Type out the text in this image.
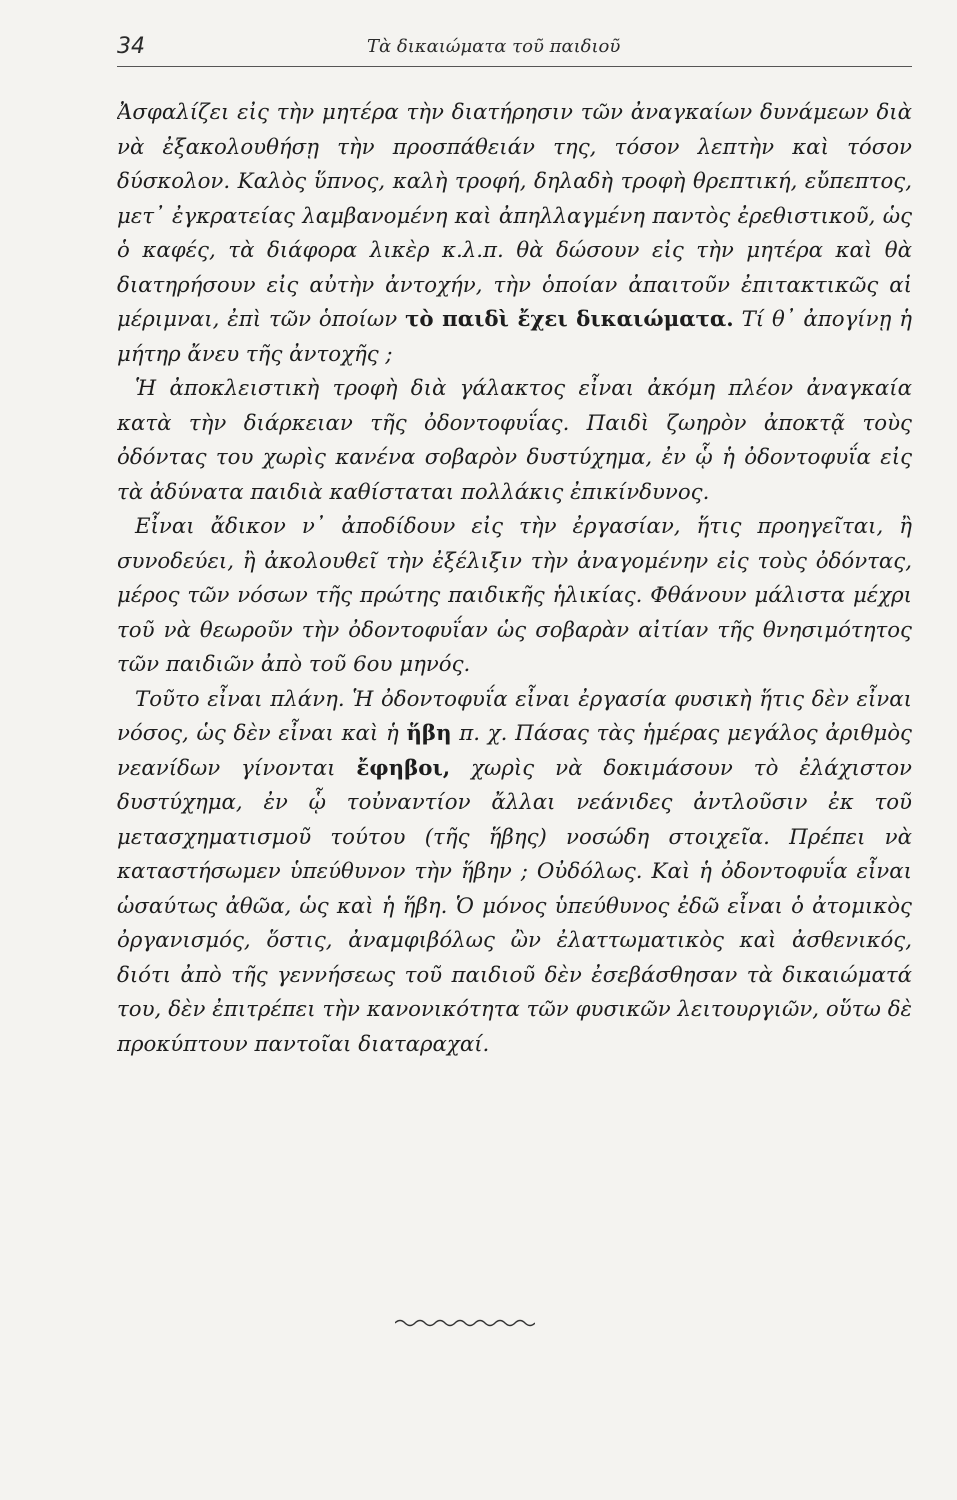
34	Τὰ δικαιώματα τοῦ παιδιοῦ

Ἀσφαλίζει εἰς τὴν μητέρα τὴν διατήρησιν τῶν ἀναγκαίων δυνάμεων διὰ νὰ ἐξακολουθήσῃ τὴν προσπάθειάν της, τόσον λεπτὴν καὶ τόσον δύσκολον. Καλὸς ὕπνος, καλὴ τροφή, δηλαδὴ τροφὴ θρεπτική, εὔπεπτος, μετ᾽ ἐγκρατείας λαμβανομένη καὶ ἀπηλλαγμένη παντὸς ἐρεθιστικοῦ, ὡς ὁ καφές, τὰ διάφορα λικὲρ κ.λ.π. θὰ δώσουν εἰς τὴν μητέρα καὶ θὰ διατηρήσουν εἰς αὐτὴν ἀντοχήν, τὴν ὁποίαν ἀπαιτοῦν ἐπιτακτικῶς αἱ μέριμναι, ἐπὶ τῶν ὁποίων τὸ παιδὶ ἔχει δικαιώματα. Τί θ᾽ ἀπογίνῃ ἡ μήτηρ ἄνευ τῆς ἀντοχῆς ;

Ἡ ἀποκλειστικὴ τροφὴ διὰ γάλακτος εἶναι ἀκόμη πλέον ἀναγκαία κατὰ τὴν διάρκειαν τῆς ὀδοντοφυΐας. Παιδὶ ζωηρὸν ἀποκτᾷ τοὺς ὀδόντας του χωρὶς κανένα σοβαρὸν δυστύχημα, ἐν ᾧ ἡ ὀδοντοφυΐα εἰς τὰ ἀδύνατα παιδιὰ καθίσταται πολλάκις ἐπικίνδυνος.

Εἶναι ἄδικον ν᾽ ἀποδίδουν εἰς τὴν ἐργασίαν, ἥτις προηγεῖται, ἢ συνοδεύει, ἢ ἀκολουθεῖ τὴν ἐξέλιξιν τὴν ἀναγομένην εἰς τοὺς ὀδόντας, μέρος τῶν νόσων τῆς πρώτης παιδικῆς ἡλικίας. Φθάνουν μάλιστα μέχρι τοῦ νὰ θεωροῦν τὴν ὀδοντοφυΐαν ὡς σοβαρὰν αἰτίαν τῆς θνησιμότητος τῶν παιδιῶν ἀπὸ τοῦ 6ου μηνός.

Τοῦτο εἶναι πλάνη. Ἡ ὀδοντοφυΐα εἶναι ἐργασία φυσικὴ ἥτις δὲν εἶναι νόσος, ὡς δὲν εἶναι καὶ ἡ ἥβη π. χ. Πάσας τὰς ἡμέρας μεγάλος ἀριθμὸς νεανίδων γίνονται ἔφηβοι, χωρὶς νὰ δοκιμάσουν τὸ ἐλάχιστον δυστύχημα, ἐν ᾧ τοὐναντίον ἄλλαι νεάνιδες ἀντλοῦσιν ἐκ τοῦ μετασχηματισμοῦ τούτου (τῆς ἥβης) νοσώδη στοιχεῖα. Πρέπει νὰ καταστήσωμεν ὑπεύθυνον τὴν ἥβην ; Οὐδόλως. Καὶ ἡ ὀδοντοφυΐα εἶναι ὡσαύτως ἀθῶα, ὡς καὶ ἡ ἥβη. Ὁ μόνος ὑπεύθυνος ἐδῶ εἶναι ὁ ἀτομικὸς ὀργανισμός, ὅστις, ἀναμφιβόλως ὢν ἐλαττωματικὸς καὶ ἀσθενικός, διότι ἀπὸ τῆς γεννήσεως τοῦ παιδιοῦ δὲν ἐσεβάσθησαν τὰ δικαιώματά του, δὲν ἐπιτρέπει τὴν κανονικότητα τῶν φυσικῶν λειτουργιῶν, οὕτω δὲ προκύπτουν παντοῖαι διαταραχαί.
